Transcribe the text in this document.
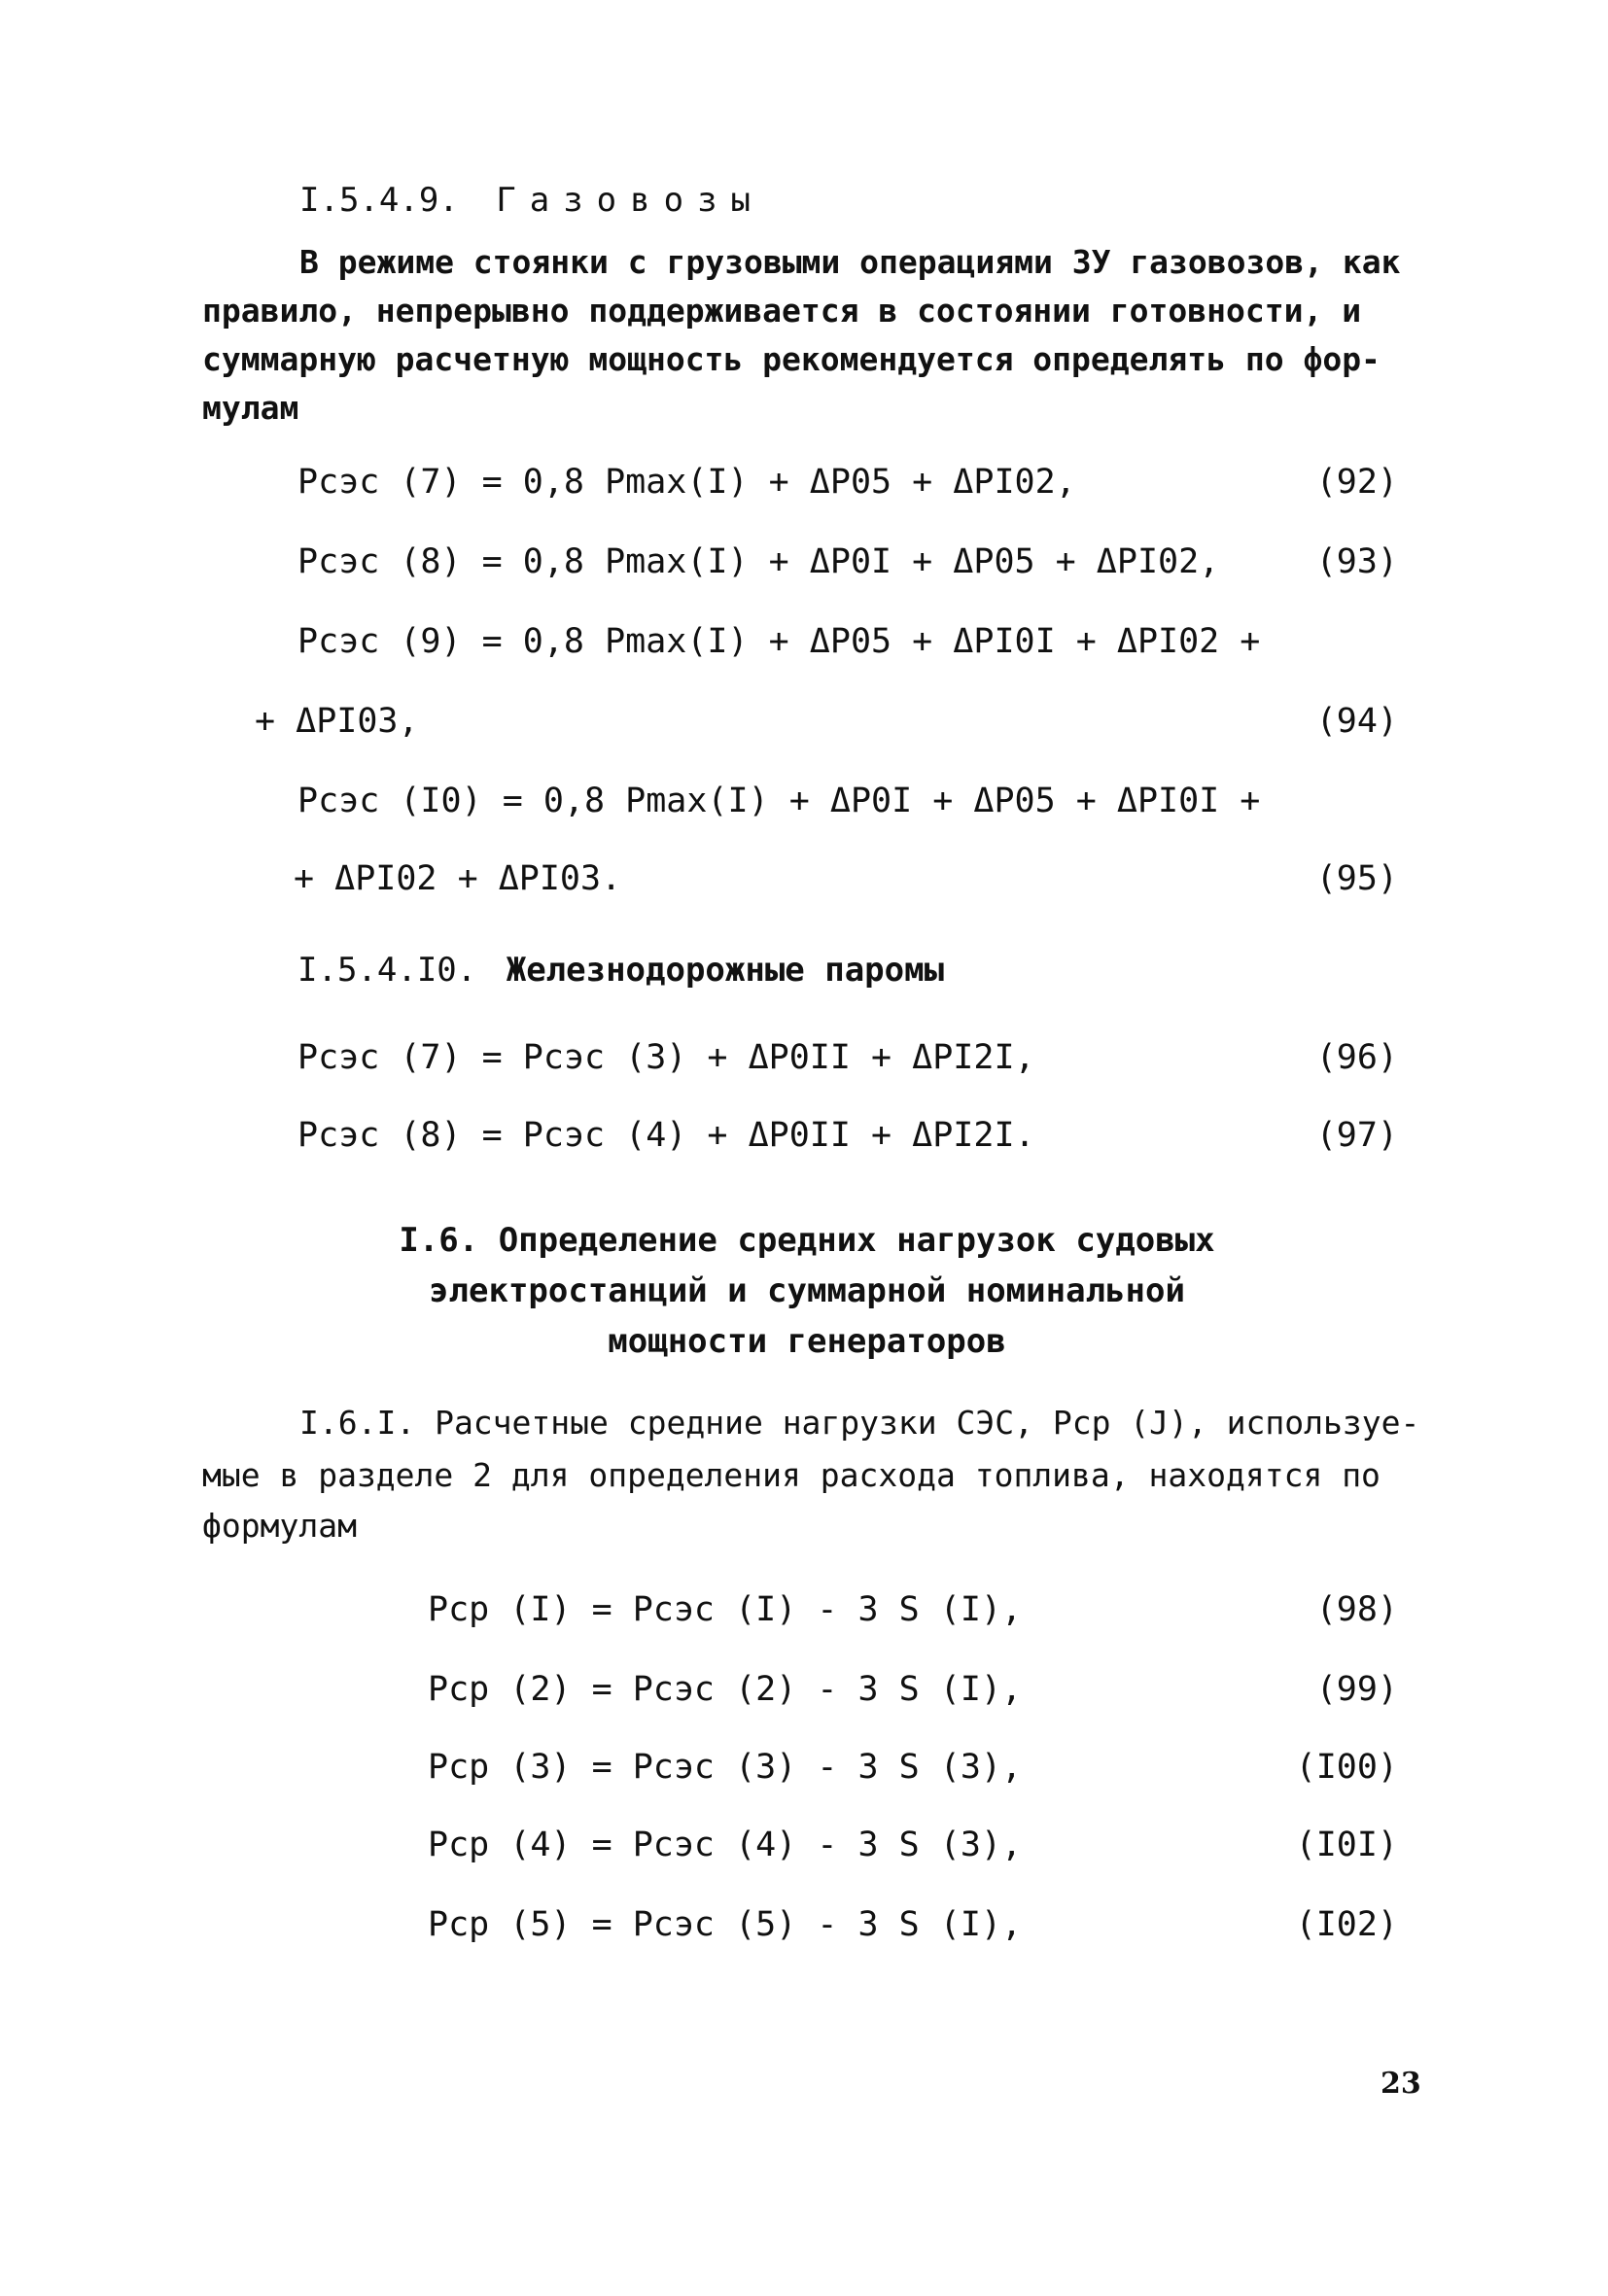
I.5.4.9. Газовозы
В режиме стоянки с грузовыми операциями ЗУ газовозов, как
правило, непрерывно поддерживается в состоянии готовности, и
суммарную расчетную мощность рекомендуется определять по фор-
мулам
Pсэс (7) = 0,8 Pmax(I) + ΔP05 + ΔPI02,	(92)
Pсэс (8) = 0,8 Pmax(I) + ΔP0I + ΔP05 + ΔPI02,	(93)
Pсэс (9) = 0,8 Pmax(I) + ΔP05 + ΔPI0I + ΔPI02 +
+ ΔPI03,	(94)
Pсэс (I0) = 0,8 Pmax(I) + ΔP0I + ΔP05 + ΔPI0I +
+ ΔPI02 + ΔPI03.	(95)
I.5.4.I0. Железнодорожные паромы
Pсэс (7) = Pсэс (3) + ΔP0II + ΔPI2I,	(96)
Pсэс (8) = Pсэс (4) + ΔP0II + ΔPI2I.	(97)
I.6. Определение средних нагрузок судовых
электростанций и суммарной номинальной
мощности генераторов
I.6.I. Расчетные средние нагрузки СЭС, Pср (J), используе-
мые в разделе 2 для определения расхода топлива, находятся по
формулам
Pср (I) = Pсэс (I) - 3 S (I),	(98)
Pср (2) = Pсэс (2) - 3 S (I),	(99)
Pср (3) = Pсэс (3) - 3 S (3),	(I00)
Pср (4) = Pсэс (4) - 3 S (3),	(I0I)
Pср (5) = Pсэс (5) - 3 S (I),	(I02)
23
